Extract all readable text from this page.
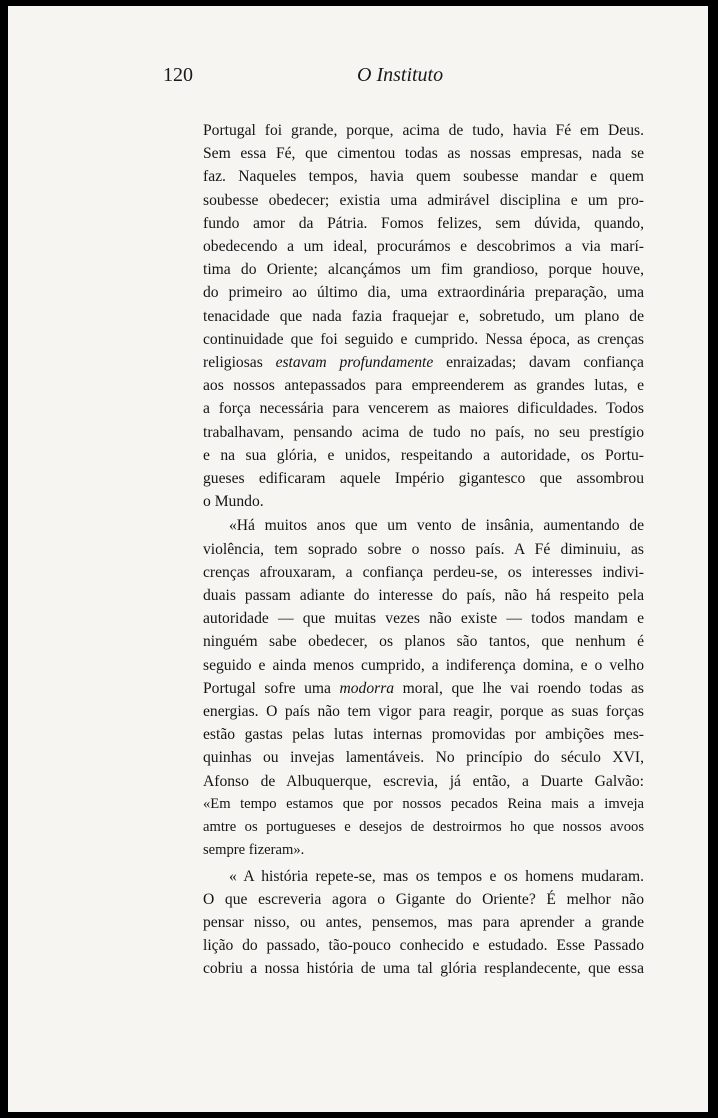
120	O Instituto

Portugal foi grande, porque, acima de tudo, havia Fé em Deus.
Sem essa Fé, que cimentou todas as nossas empresas, nada se
faz. Naqueles tempos, havia quem soubesse mandar e quem
soubesse obedecer; existia uma admirável disciplina e um pro-
fundo amor da Pátria. Fomos felizes, sem dúvida, quando,
obedecendo a um ideal, procurámos e descobrimos a via marí-
tima do Oriente; alcançámos um fim grandioso, porque houve,
do primeiro ao último dia, uma extraordinária preparação, uma
tenacidade que nada fazia fraquejar e, sobretudo, um plano de
continuidade que foi seguido e cumprido. Nessa época, as crenças
religiosas estavam profundamente enraizadas; davam confiança
aos nossos antepassados para empreenderem as grandes lutas, e
a força necessária para vencerem as maiores dificuldades. Todos
trabalhavam, pensando acima de tudo no país, no seu prestígio
e na sua glória, e unidos, respeitando a autoridade, os Portu-
gueses edificaram aquele Império gigantesco que assombrou
o Mundo.

«Há muitos anos que um vento de insânia, aumentando de
violência, tem soprado sobre o nosso país. A Fé diminuiu, as
crenças afrouxaram, a confiança perdeu-se, os interesses indivi-
duais passam adiante do interesse do país, não há respeito pela
autoridade — que muitas vezes não existe — todos mandam e
ninguém sabe obedecer, os planos são tantos, que nenhum é
seguido e ainda menos cumprido, a indiferença domina, e o velho
Portugal sofre uma modorra moral, que lhe vai roendo todas as
energias. O país não tem vigor para reagir, porque as suas forças
estão gastas pelas lutas internas promovidas por ambições mes-
quinhas ou invejas lamentáveis. No princípio do século XVI,
Afonso de Albuquerque, escrevia, já então, a Duarte Galvão:
«Em tempo estamos que por nossos pecados Reina mais a imveja
amtre os portugueses e desejos de destroirmos ho que nossos avoos
sempre fizeram».

« A história repete-se, mas os tempos e os homens mudaram.
O que escreveria agora o Gigante do Oriente? É melhor não
pensar nisso, ou antes, pensemos, mas para aprender a grande
lição do passado, tão-pouco conhecido e estudado. Esse Passado
cobriu a nossa história de uma tal glória resplandecente, que essa
